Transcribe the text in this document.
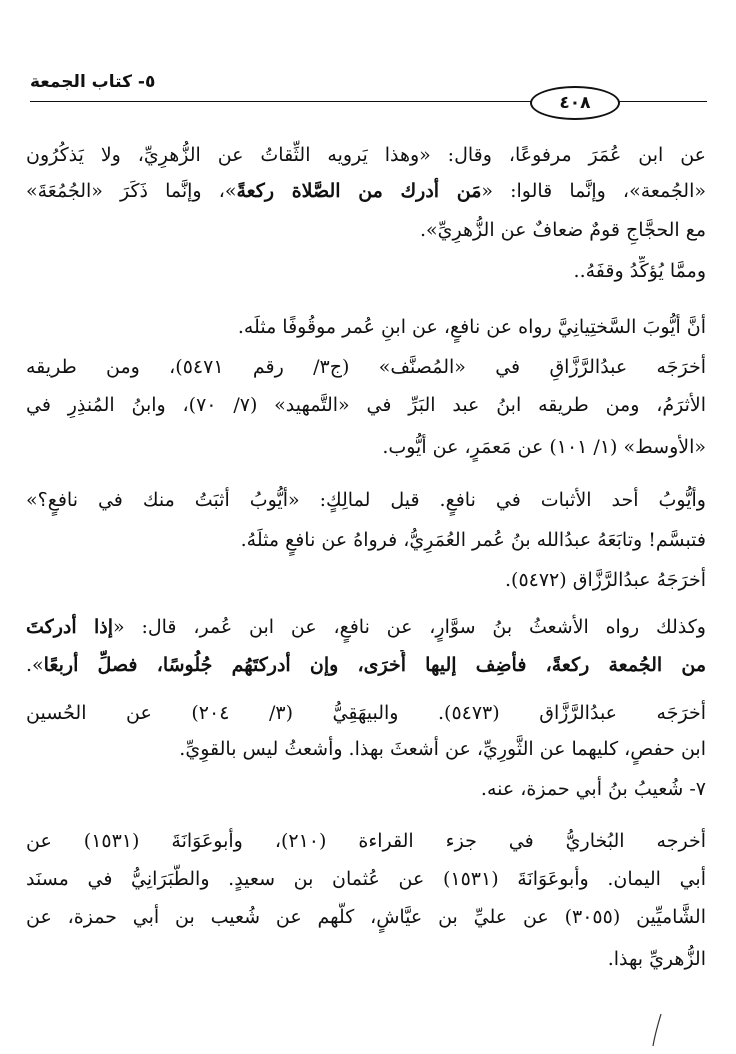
٥- كتاب الجمعة
٤٠٨
عن ابن عُمَرَ مرفوعًا، وقال: «وهذا يَرويه الثِّقاتُ عن الزُّهرِيِّ، ولا يَذكُرُون
«الجُمعة»، وإنَّما قالوا: «مَن أدرك من الصَّلاة ركعةً»، وإنَّما ذَكَرَ «الجُمُعَةَ»
مع الحجَّاجِ قومٌ ضعافٌ عن الزُّهرِيِّ».
وممَّا يُؤكِّدُ وقفَهُ..
أنَّ أيُّوبَ السَّختِيانِيَّ رواه عن نافعٍ، عن ابنِ عُمر موقُوفًا مثلَه.
أخرَجَه عبدُالرَّزَّاقِ في «المُصنَّف» (ج٣/ رقم ٥٤٧١)، ومن طريقه
الأثرَمُ، ومن طريقه ابنُ عبد البَرِّ في «التَّمهيد» (٧/ ٧٠)، وابنُ المُنذِرِ في
«الأوسط» (١/ ١٠١) عن مَعمَرٍ، عن أيُّوب.
وأيُّوبُ أحد الأثبات في نافعٍ. قيل لمالِكٍ: «أيُّوبُ أثبَتُ منك في نافعٍ؟»
فتبسَّم! وتابَعَهُ عبدُالله بنُ عُمر العُمَرِيُّ، فرواهُ عن نافعٍ مثلَهُ.
أخرَجَهُ عبدُالرَّزَّاق (٥٤٧٢).
وكذلك رواه الأشعثُ بنُ سوَّارٍ، عن نافعٍ، عن ابن عُمر، قال: «إذا أدركتَ
من الجُمعة ركعةً، فأضِف إليها أُخرَى، وإن أدركتَهُم جُلُوسًا، فصلِّ أربعًا».
أخرَجَه عبدُالرَّزَّاق (٥٤٧٣). والبيهَقِيُّ (٣/ ٢٠٤) عن الحُسين
ابن حفصٍ، كليهما عن الثَّورِيِّ، عن أشعثَ بهذا. وأشعثُ ليس بالقوِيِّ.
٧- شُعيبُ بنُ أبي حمزة، عنه.
أخرجه البُخاريُّ في جزء القراءة (٢١٠)، وأبوعَوَانَةَ (١٥٣١) عن
أبي اليمان. وأبوعَوَانَةَ (١٥٣١) عن عُثمان بن سعيدٍ. والطَّبَرَانِيُّ في مسنَد
الشَّاميِّين (٣٠٥٥) عن عليِّ بن عيَّاشٍ، كلُّهم عن شُعيب بن أبي حمزة، عن
الزُّهريِّ بهذا.
